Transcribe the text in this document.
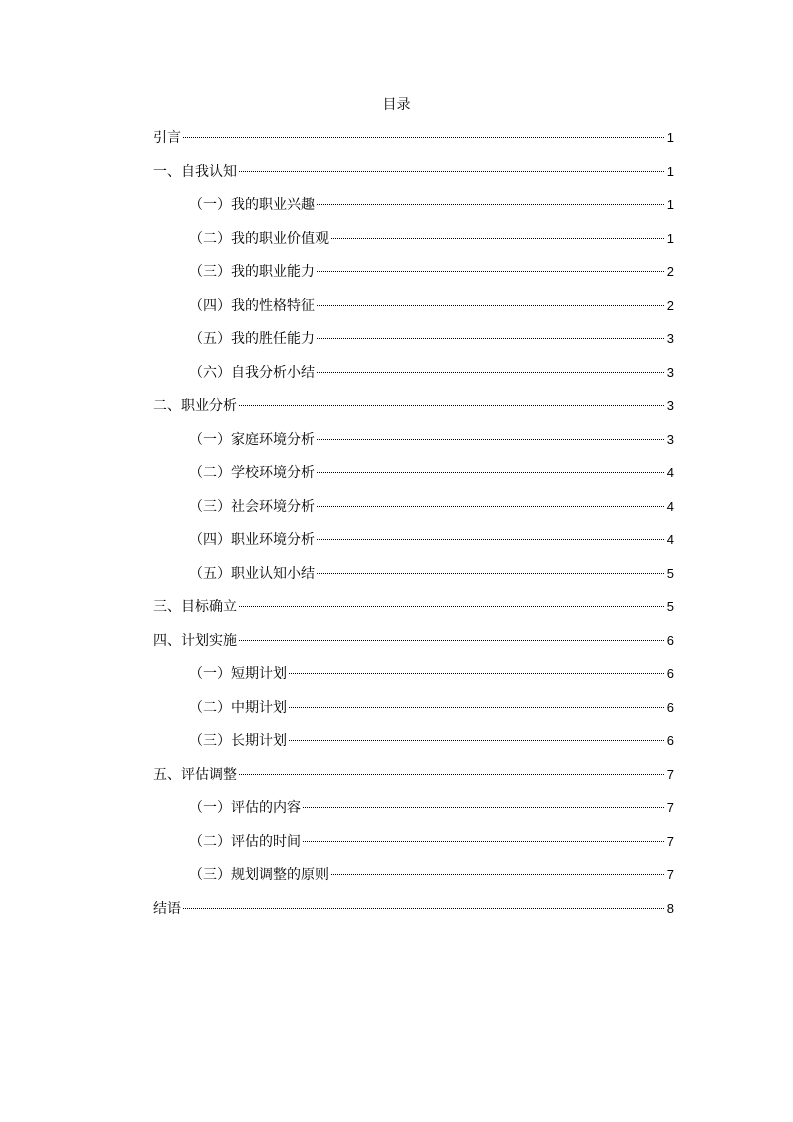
目录
引言	1
一、自我认知	1
（一）我的职业兴趣	1
（二）我的职业价值观	1
（三）我的职业能力	2
（四）我的性格特征	2
（五）我的胜任能力	3
（六）自我分析小结	3
二、职业分析	3
（一）家庭环境分析	3
（二）学校环境分析	4
（三）社会环境分析	4
（四）职业环境分析	4
（五）职业认知小结	5
三、目标确立	5
四、计划实施	6
（一）短期计划	6
（二）中期计划	6
（三）长期计划	6
五、评估调整	7
（一）评估的内容	7
（二）评估的时间	7
（三）规划调整的原则	7
结语	8
